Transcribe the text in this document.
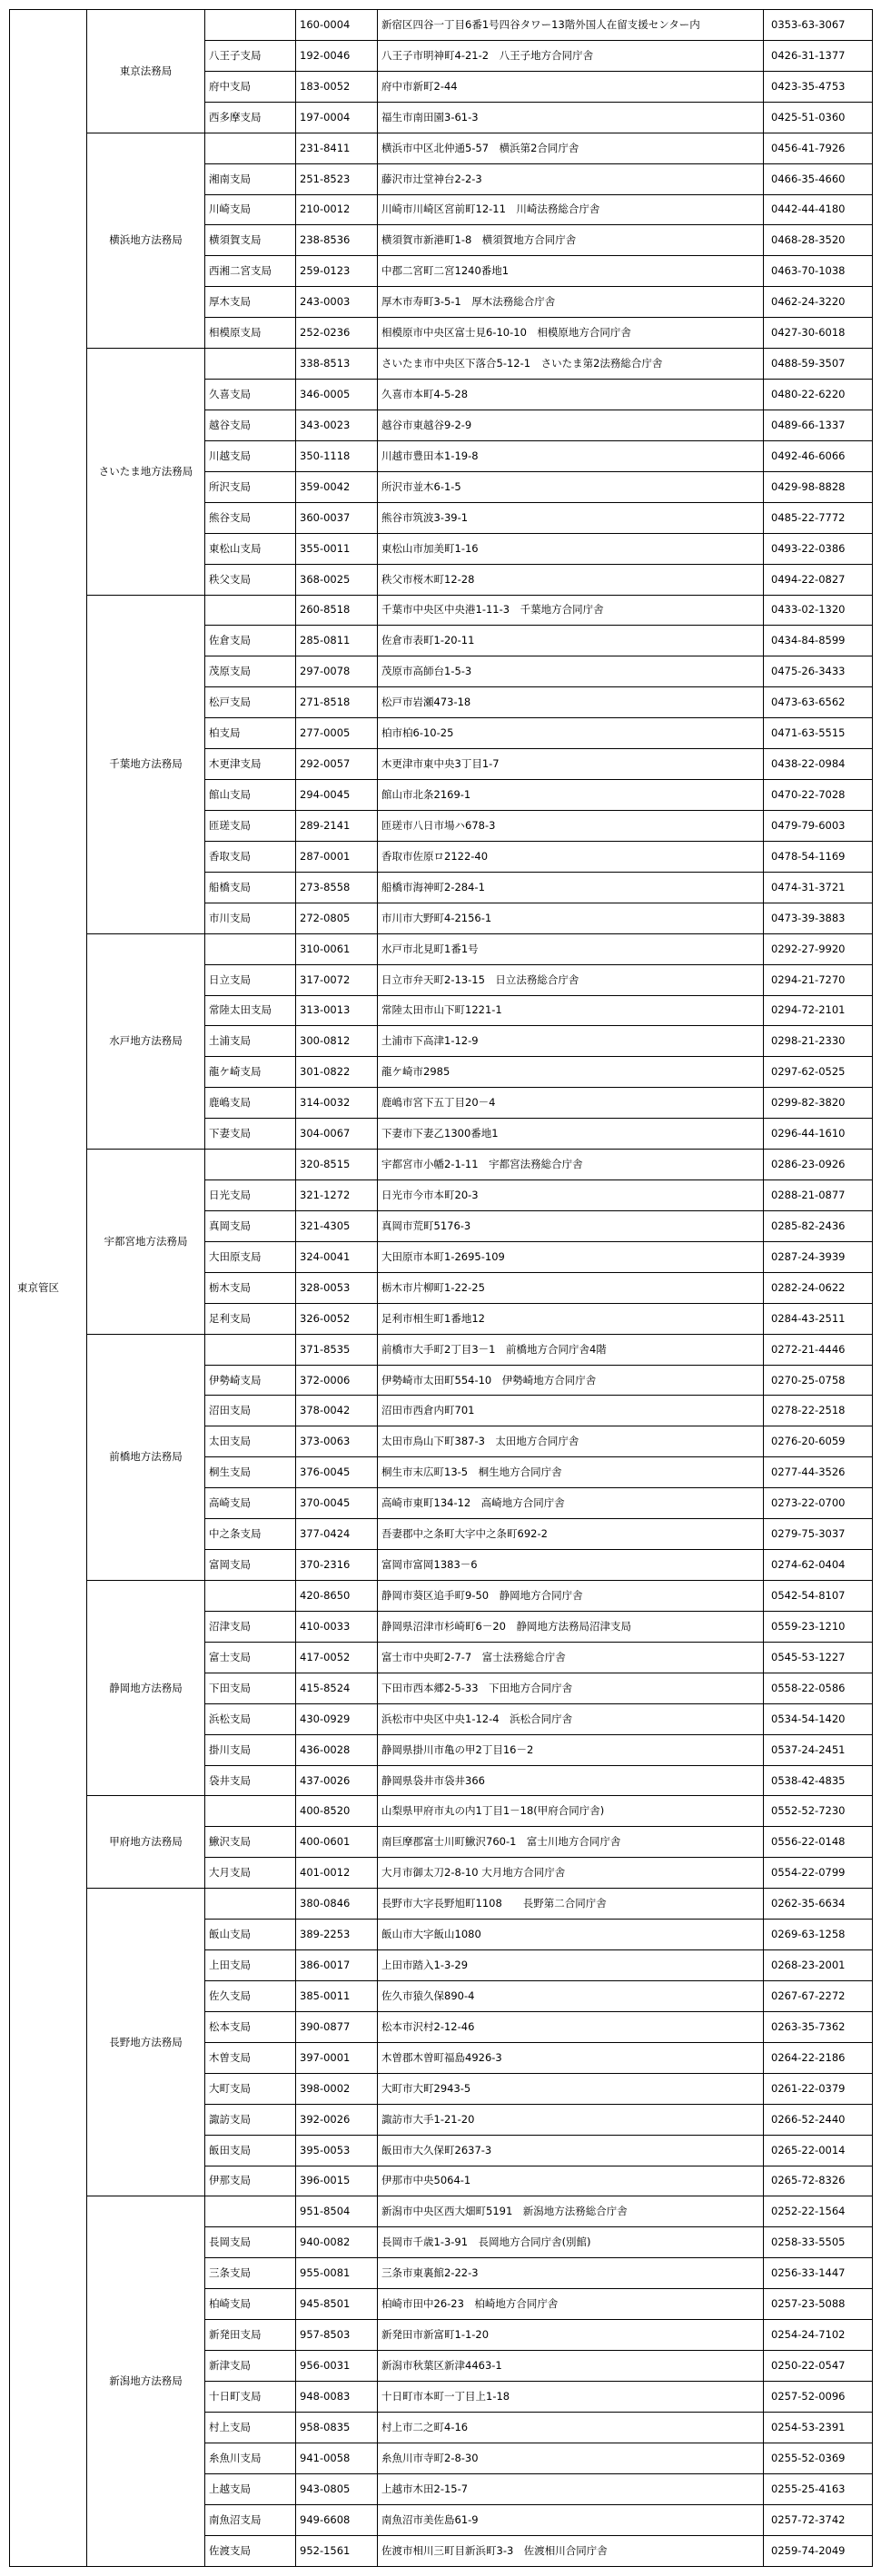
東京管区	東京法務局		160-0004	新宿区四谷一丁目6番1号四谷タワー13階外国人在留支援センター内	0353-63-3067
		八王子支局	192-0046	八王子市明神町4-21-2　八王子地方合同庁舎	0426-31-1377
		府中支局	183-0052	府中市新町2-44	0423-35-4753
		西多摩支局	197-0004	福生市南田園3-61-3	0425-51-0360
	横浜地方法務局		231-8411	横浜市中区北仲通5-57　横浜第2合同庁舎	0456-41-7926
		湘南支局	251-8523	藤沢市辻堂神台2-2-3	0466-35-4660
		川崎支局	210-0012	川崎市川崎区宮前町12-11　川崎法務総合庁舎	0442-44-4180
		横須賀支局	238-8536	横須賀市新港町1-8　横須賀地方合同庁舎	0468-28-3520
		西湘二宮支局	259-0123	中郡二宮町二宮1240番地1	0463-70-1038
		厚木支局	243-0003	厚木市寿町3-5-1　厚木法務総合庁舎	0462-24-3220
		相模原支局	252-0236	相模原市中央区富士見6-10-10　相模原地方合同庁舎	0427-30-6018
	さいたま地方法務局		338-8513	さいたま市中央区下落合5-12-1　さいたま第2法務総合庁舎	0488-59-3507
		久喜支局	346-0005	久喜市本町4-5-28	0480-22-6220
		越谷支局	343-0023	越谷市東越谷9-2-9	0489-66-1337
		川越支局	350-1118	川越市豊田本1-19-8	0492-46-6066
		所沢支局	359-0042	所沢市並木6-1-5	0429-98-8828
		熊谷支局	360-0037	熊谷市筑波3-39-1	0485-22-7772
		東松山支局	355-0011	東松山市加美町1-16	0493-22-0386
		秩父支局	368-0025	秩父市桜木町12-28	0494-22-0827
	千葉地方法務局		260-8518	千葉市中央区中央港1-11-3　千葉地方合同庁舎	0433-02-1320
		佐倉支局	285-0811	佐倉市表町1-20-11	0434-84-8599
		茂原支局	297-0078	茂原市高師台1-5-3	0475-26-3433
		松戸支局	271-8518	松戸市岩瀬473-18	0473-63-6562
		柏支局	277-0005	柏市柏6-10-25	0471-63-5515
		木更津支局	292-0057	木更津市東中央3丁目1-7	0438-22-0984
		館山支局	294-0045	館山市北条2169-1	0470-22-7028
		匝瑳支局	289-2141	匝瑳市八日市場ハ678-3	0479-79-6003
		香取支局	287-0001	香取市佐原ロ2122-40	0478-54-1169
		船橋支局	273-8558	船橋市海神町2-284-1	0474-31-3721
		市川支局	272-0805	市川市大野町4-2156-1	0473-39-3883
	水戸地方法務局		310-0061	水戸市北見町1番1号	0292-27-9920
		日立支局	317-0072	日立市弁天町2-13-15　日立法務総合庁舎	0294-21-7270
		常陸太田支局	313-0013	常陸太田市山下町1221-1	0294-72-2101
		土浦支局	300-0812	土浦市下高津1-12-9	0298-21-2330
		龍ケ崎支局	301-0822	龍ケ崎市2985	0297-62-0525
		鹿嶋支局	314-0032	鹿嶋市宮下五丁目20－4	0299-82-3820
		下妻支局	304-0067	下妻市下妻乙1300番地1	0296-44-1610
	宇都宮地方法務局		320-8515	宇都宮市小幡2-1-11　宇都宮法務総合庁舎	0286-23-0926
		日光支局	321-1272	日光市今市本町20-3	0288-21-0877
		真岡支局	321-4305	真岡市荒町5176-3	0285-82-2436
		大田原支局	324-0041	大田原市本町1-2695-109	0287-24-3939
		栃木支局	328-0053	栃木市片柳町1-22-25	0282-24-0622
		足利支局	326-0052	足利市相生町1番地12	0284-43-2511
	前橋地方法務局		371-8535	前橋市大手町2丁目3－1　前橋地方合同庁舎4階	0272-21-4446
		伊勢崎支局	372-0006	伊勢崎市太田町554-10　伊勢崎地方合同庁舎	0270-25-0758
		沼田支局	378-0042	沼田市西倉内町701	0278-22-2518
		太田支局	373-0063	太田市鳥山下町387-3　太田地方合同庁舎	0276-20-6059
		桐生支局	376-0045	桐生市末広町13-5　桐生地方合同庁舎	0277-44-3526
		高崎支局	370-0045	高崎市東町134-12　高崎地方合同庁舎	0273-22-0700
		中之条支局	377-0424	吾妻郡中之条町大字中之条町692-2	0279-75-3037
		富岡支局	370-2316	富岡市富岡1383－6	0274-62-0404
	静岡地方法務局		420-8650	静岡市葵区追手町9-50　静岡地方合同庁舎	0542-54-8107
		沼津支局	410-0033	静岡県沼津市杉崎町6－20　静岡地方法務局沼津支局	0559-23-1210
		富士支局	417-0052	富士市中央町2-7-7　富士法務総合庁舎	0545-53-1227
		下田支局	415-8524	下田市西本郷2-5-33　下田地方合同庁舎	0558-22-0586
		浜松支局	430-0929	浜松市中央区中央1-12-4　浜松合同庁舎	0534-54-1420
		掛川支局	436-0028	静岡県掛川市亀の甲2丁目16－2	0537-24-2451
		袋井支局	437-0026	静岡県袋井市袋井366	0538-42-4835
	甲府地方法務局		400-8520	山梨県甲府市丸の内1丁目1－18(甲府合同庁舎)	0552-52-7230
		鰍沢支局	400-0601	南巨摩郡富士川町鰍沢760-1　富士川地方合同庁舎	0556-22-0148
		大月支局	401-0012	大月市御太刀2-8-10 大月地方合同庁舎	0554-22-0799
	長野地方法務局		380-0846	長野市大字長野旭町1108　　長野第二合同庁舎	0262-35-6634
		飯山支局	389-2253	飯山市大字飯山1080	0269-63-1258
		上田支局	386-0017	上田市踏入1-3-29	0268-23-2001
		佐久支局	385-0011	佐久市猿久保890-4	0267-67-2272
		松本支局	390-0877	松本市沢村2-12-46	0263-35-7362
		木曽支局	397-0001	木曽郡木曽町福島4926-3	0264-22-2186
		大町支局	398-0002	大町市大町2943-5	0261-22-0379
		諏訪支局	392-0026	諏訪市大手1-21-20	0266-52-2440
		飯田支局	395-0053	飯田市大久保町2637-3	0265-22-0014
		伊那支局	396-0015	伊那市中央5064-1	0265-72-8326
	新潟地方法務局		951-8504	新潟市中央区西大畑町5191　新潟地方法務総合庁舎	0252-22-1564
		長岡支局	940-0082	長岡市千歳1-3-91　長岡地方合同庁舎(別館)	0258-33-5505
		三条支局	955-0081	三条市東裏館2-22-3	0256-33-1447
		柏崎支局	945-8501	柏崎市田中26-23　柏崎地方合同庁舎	0257-23-5088
		新発田支局	957-8503	新発田市新富町1-1-20	0254-24-7102
		新津支局	956-0031	新潟市秋葉区新津4463-1	0250-22-0547
		十日町支局	948-0083	十日町市本町一丁目上1-18	0257-52-0096
		村上支局	958-0835	村上市二之町4-16	0254-53-2391
		糸魚川支局	941-0058	糸魚川市寺町2-8-30	0255-52-0369
		上越支局	943-0805	上越市木田2-15-7	0255-25-4163
		南魚沼支局	949-6608	南魚沼市美佐島61-9	0257-72-3742
		佐渡支局	952-1561	佐渡市相川三町目新浜町3-3　佐渡相川合同庁舎	0259-74-2049
